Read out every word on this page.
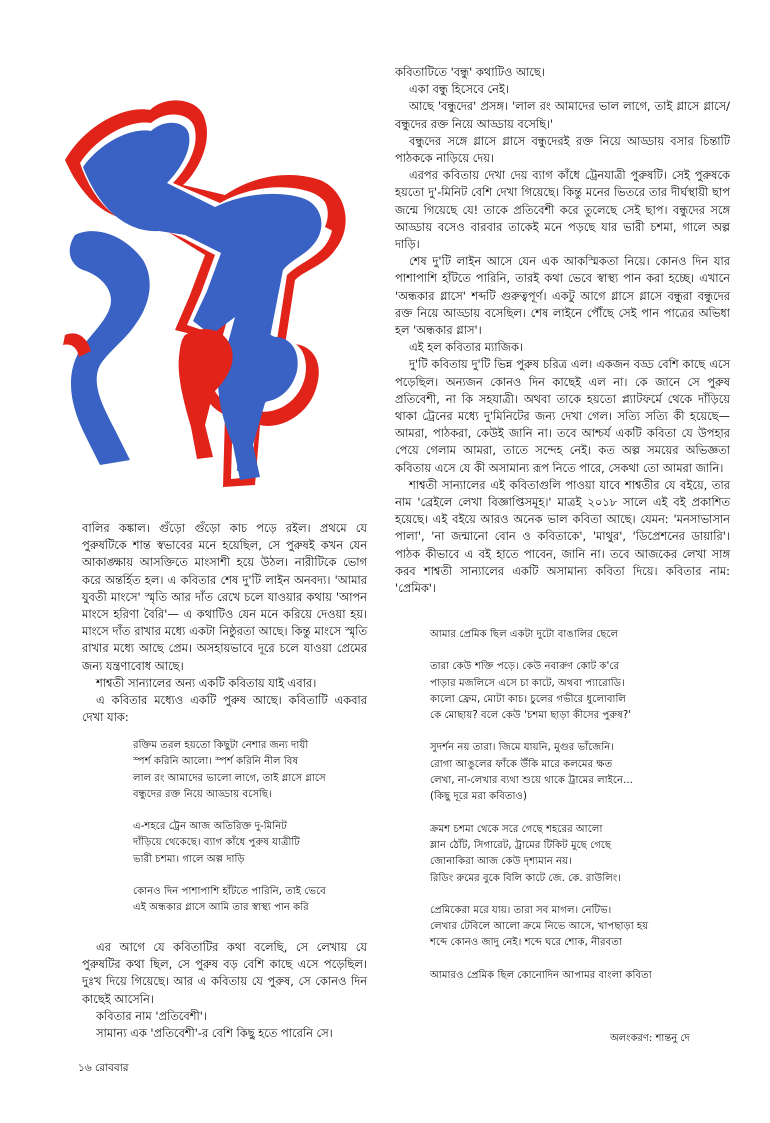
কবিতাটিতে 'বন্ধু' কথাটিও আছে।

একা বন্ধু হিসেবে নেই।

আছে 'বন্ধুদের' প্রসঙ্গ। 'লাল রং আমাদের ভাল লাগে, তাই গ্লাসে গ্লাসে/ বন্ধুদের রক্ত নিয়ে আড্ডায় বসেছি।'

বন্ধুদের সঙ্গে গ্লাসে গ্লাসে বন্ধুদেরই রক্ত নিয়ে আড্ডায় বসার চিন্তাটি পাঠককে নাড়িয়ে দেয়।

এরপর কবিতায় দেখা দেয় ব্যাগ কাঁধে ট্রেনযাত্রী পুরুষটি। সেই পুরুষকে হয়তো দু'-মিনিট বেশি দেখা গিয়েছে। কিন্তু মনের ভিতরে তার দীর্ঘস্থায়ী ছাপ জন্মে গিয়েছে যে! তাকে প্রতিবেশী করে তুলেছে সেই ছাপ। বন্ধুদের সঙ্গে আড্ডায় বসেও বারবার তাকেই মনে পড়ছে যার ভারী চশমা, গালে অল্প দাড়ি।

শেষ দু'টি লাইন আসে যেন এক আকস্মিকতা নিয়ে। কোনও দিন যার পাশাপাশি হাঁটতে পারিনি, তারই কথা ভেবে স্বাস্থ্য পান করা হচ্ছে। এখানে 'অন্ধকার গ্লাসে' শব্দটি গুরুত্বপূর্ণ। একটু আগে গ্লাসে গ্লাসে বন্ধুরা বন্ধুদের রক্ত নিয়ে আড্ডায় বসেছিল। শেষ লাইনে পৌঁছে সেই পান পাত্রের অভিধা হল 'অন্ধকার গ্লাস'।

এই হল কবিতার ম্যাজিক।

দু'টি কবিতায় দু'টি ভিন্ন পুরুষ চরিত্র এল। একজন বড্ড বেশি কাছে এসে পড়েছিল। অন্যজন কোনও দিন কাছেই এল না। কে জানে সে পুরুষ প্রতিবেশী, না কি সহযাত্রী। অথবা তাকে হয়তো প্ল্যাটফর্মে থেকে দাঁড়িয়ে থাকা ট্রেনের মধ্যে দু'মিনিটের জন্য দেখা গেল। সত্যি সত্যি কী হয়েছে— আমরা, পাঠকরা, কেউই জানি না। তবে আশ্চর্য একটি কবিতা যে উপহার পেয়ে গেলাম আমরা, তাতে সন্দেহ নেই। কত অল্প সময়ের অভিজ্ঞতা কবিতায় এসে যে কী অসামান্য রূপ নিতে পারে, সেকথা তো আমরা জানি।

শাশ্বতী সান্যালের এই কবিতাগুলি পাওয়া যাবে শাশ্বতীর যে বইয়ে, তার নাম 'ব্রেইলে লেখা বিজ্ঞাপ্তিসমূহ।' মাত্রই ২০১৮ সালে এই বই প্রকাশিত হয়েছে। এই বইয়ে আরও অনেক ভাল কবিতা আছে। যেমন: 'মনসাভাসান পালা', 'না জন্মানো বোন ও কবিতাকে', 'মাথুর', 'ডিপ্রেশনের ডায়ারি'। পাঠক কীভাবে এ বই হাতে পাবেন, জানি না। তবে আজকের লেখা সাঙ্গ করব শাশ্বতী সান্যালের একটি অসামান্য কবিতা দিয়ে। কবিতার নাম: 'প্রেমিক'।

বালির কঙ্কাল। গুঁড়ো গুঁড়ো কাচ পড়ে রইল। প্রথমে যে পুরুষটিকে শান্ত স্বভাবের মনে হয়েছিল, সে পুরুষই কখন যেন আকাঙ্ক্ষায় আসক্তিতে মাংসাশী হয়ে উঠল। নারীটিকে ভোগ করে অন্তর্হিত হল। এ কবিতার শেষ দু'টি লাইন অনবদ্য। 'আমার যুবতী মাংসে' স্মৃতি আর দাঁত রেখে চলে যাওয়ার কথায় 'আপন মাংসে হরিণা বৈরি'— এ কথাটিও যেন মনে করিয়ে দেওয়া হয়। মাংসে দাঁত রাখার মধ্যে একটা নিষ্ঠুরতা আছে। কিন্তু মাংসে স্মৃতি রাখার মধ্যে আছে প্রেম। অসহায়ভাবে দূরে চলে যাওয়া প্রেমের জন্য যন্ত্রণাবোধ আছে।

শাশ্বতী সান্যালের অন্য একটি কবিতায় যাই এবার।

এ কবিতার মধ্যেও একটি পুরুষ আছে। কবিতাটি একবার দেখা যাক:

রক্তিম তরল হয়তো কিছুটা নেশার জন্য দায়ী
স্পর্শ করিনি আলো। স্পর্শ করিনি নীল বিষ
লাল রং আমাদের ভালো লাগে, তাই গ্লাসে গ্লাসে
বন্ধুদের রক্ত নিয়ে আড্ডায় বসেছি।
এ-শহরে ট্রেন আজ অতিরিক্ত দু-মিনিট
দাঁড়িয়ে থেকেছে। ব্যাগ কাঁধে পুরুষ যাত্রীটি
ভারী চশমা। গালে অল্প দাড়ি
কোনও দিন পাশাপাশি হাঁটতে পারিনি, তাই ভেবে
এই অন্ধকার গ্লাসে আমি তার স্বাস্থ্য পান করি

এর আগে যে কবিতাটির কথা বলেছি, সে লেখায় যে পুরুষটির কথা ছিল, সে পুরুষ বড় বেশি কাছে এসে পড়েছিল। দুঃখ দিয়ে গিয়েছে। আর এ কবিতায় যে পুরুষ, সে কোনও দিন কাছেই আসেনি।

কবিতার নাম 'প্রতিবেশী'।

সামান্য এক 'প্রতিবেশী'-র বেশি কিছু হতে পারেনি সে।

আমার প্রেমিক ছিল একটা দুটো বাঙালির ছেলে
তারা কেউ শক্তি পড়ে। কেউ নবারুণ কোট ক'রে
পাড়ার মজলিসে এসে চা কাটে, অথবা প্যারোডি।
কালো ফ্রেম, মোটা কাচ। চুলের গভীরে ধুলোবালি
কে মোছায়? বলে কেউ 'চশমা ছাড়া কীসের পুরুষ?'
সুদর্শন নয় তারা। জিমে যায়নি, মুগুর ভাঁজেনি।
রোগা আঙুলের ফাঁকে উঁকি মারে কলমের ক্ষত
লেখা, না-লেখার ব্যথা শুয়ে থাকে ট্রামের লাইনে...
(কিছু দূরে মরা কবিতাও)
ক্রমশ চশমা থেকে সরে গেছে শহরের আলো
ম্লান ঠোঁট, সিগারেট, ট্রামের টিকিট মুছে গেছে
জোনাকিরা আজ কেউ দৃশ্যমান নয়।
রিডিং রুমের বুকে বিলি কাটে জে. কে. রাউলিং।
প্রেমিকেরা মরে যায়। তারা সব মাগল। নেটিভ।
লেখার টেবিলে আলো ক্রমে নিভে আসে, খাপছাড়া হয়
শব্দে কোনও জাদু নেই। শব্দে ঘরে শোক, নীরবতা
আমারও প্রেমিক ছিল কোনোদিন আপামর বাংলা কবিতা
অলংকরণ: শান্তনু দে
১৬ রোববার
